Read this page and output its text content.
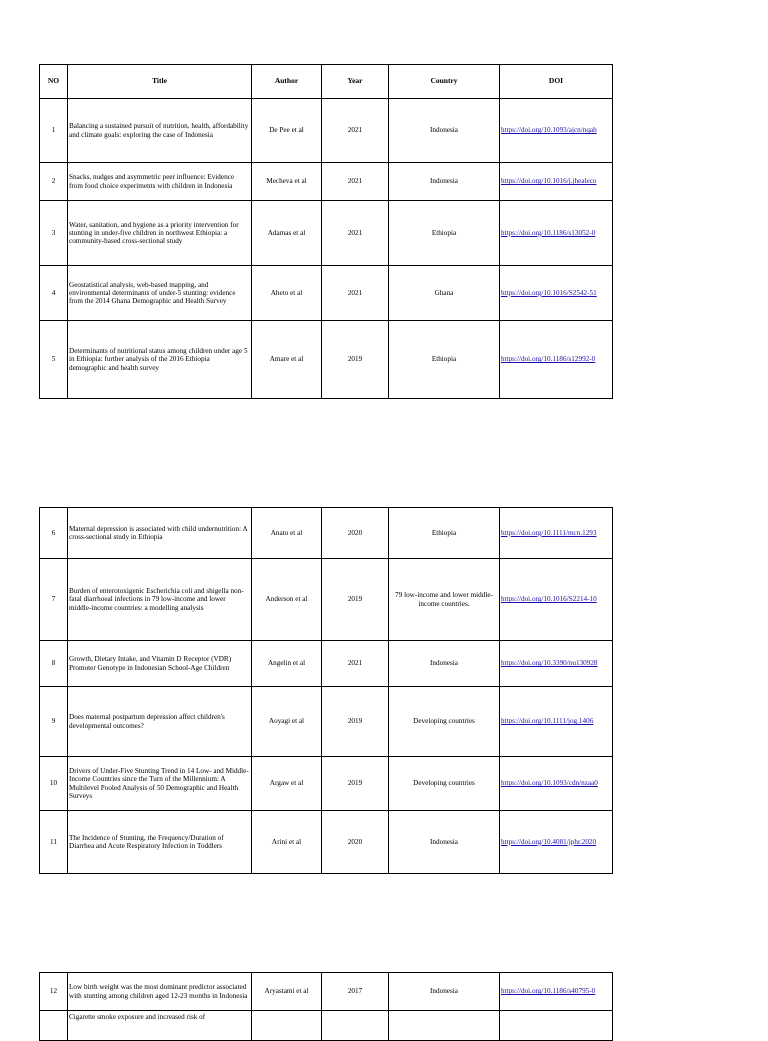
NO	Title	Author	Year	Country	DOI
1	Balancing a sustained pursuit of nutrition, health, affordability and climate goals: exploring the case of Indonesia	De Pee et al	2021	Indonesia	https://doi.org/10.1093/ajcn/nqab
2	Snacks, nudges and asymmetric peer influence: Evidence from food choice experiments with children in Indonesia	Mecheva et al	2021	Indonesia	https://doi.org/10.1016/j.jhealeco
3	Water, sanitation, and hygiene as a priority intervention for stunting in under-five children in northwest Ethiopia: a community-based cross-sectional study	Adamas et al	2021	Ethiopia	https://doi.org/10.1186/s13052-0
4	Geostatistical analysis, web-based mapping, and environmental determinants of under-5 stunting: evidence from the 2014 Ghana Demographic and Health Survey	Aheto et al	2021	Ghana	https://doi.org/10.1016/S2542-51
5	Determinants of nutritional status among children under age 5 in Ethiopia: further analysis of the 2016 Ethiopia demographic and health survey	Amare et al	2019	Ethiopia	https://doi.org/10.1186/s12992-0
6	Maternal depression is associated with child undernutrition: A cross-sectional study in Ethiopia	Anato et al	2020	Ethiopia	https://doi.org/10.1111/mcn.1293
7	Burden of enterotoxigenic Escherichia coli and shigella non-fatal diarrhoeal infections in 79 low-income and lower middle-income countries: a modelling analysis	Anderson et al	2019	79 low-income and lower middle-income countries.	https://doi.org/10.1016/S2214-10
8	Growth, Dietary Intake, and Vitamin D Receptor (VDR) Promoter Genotype in Indonesian School-Age Children	Angelin et al	2021	Indonesia	https://doi.org/10.3390/nu130928
9	Does maternal postpartum depression affect children's developmental outcomes?	Aoyagi et al	2019	Developing countries	https://doi.org/10.1111/jog.1406
10	Drivers of Under-Five Stunting Trend in 14 Low- and Middle-Income Countries since the Turn of the Millennium: A Multilevel Pooled Analysis of 50 Demographic and Health Surveys	Argaw et al	2019	Developing countries	https://doi.org/10.1093/cdn/nzaa0
11	The Incidence of Stunting, the Frequency/Duration of Diarrhea and Acute Respiratory Infection in Toddlers	Arini et al	2020	Indonesia	https://doi.org/10.4081/jphr.2020
12	Low birth weight was the most dominant predictor associated with stunting among children aged 12-23 months in Indonesia	Aryastami et al	2017	Indonesia	https://doi.org/10.1186/s40795-0
	Cigarette smoke exposure and increased risk of				
